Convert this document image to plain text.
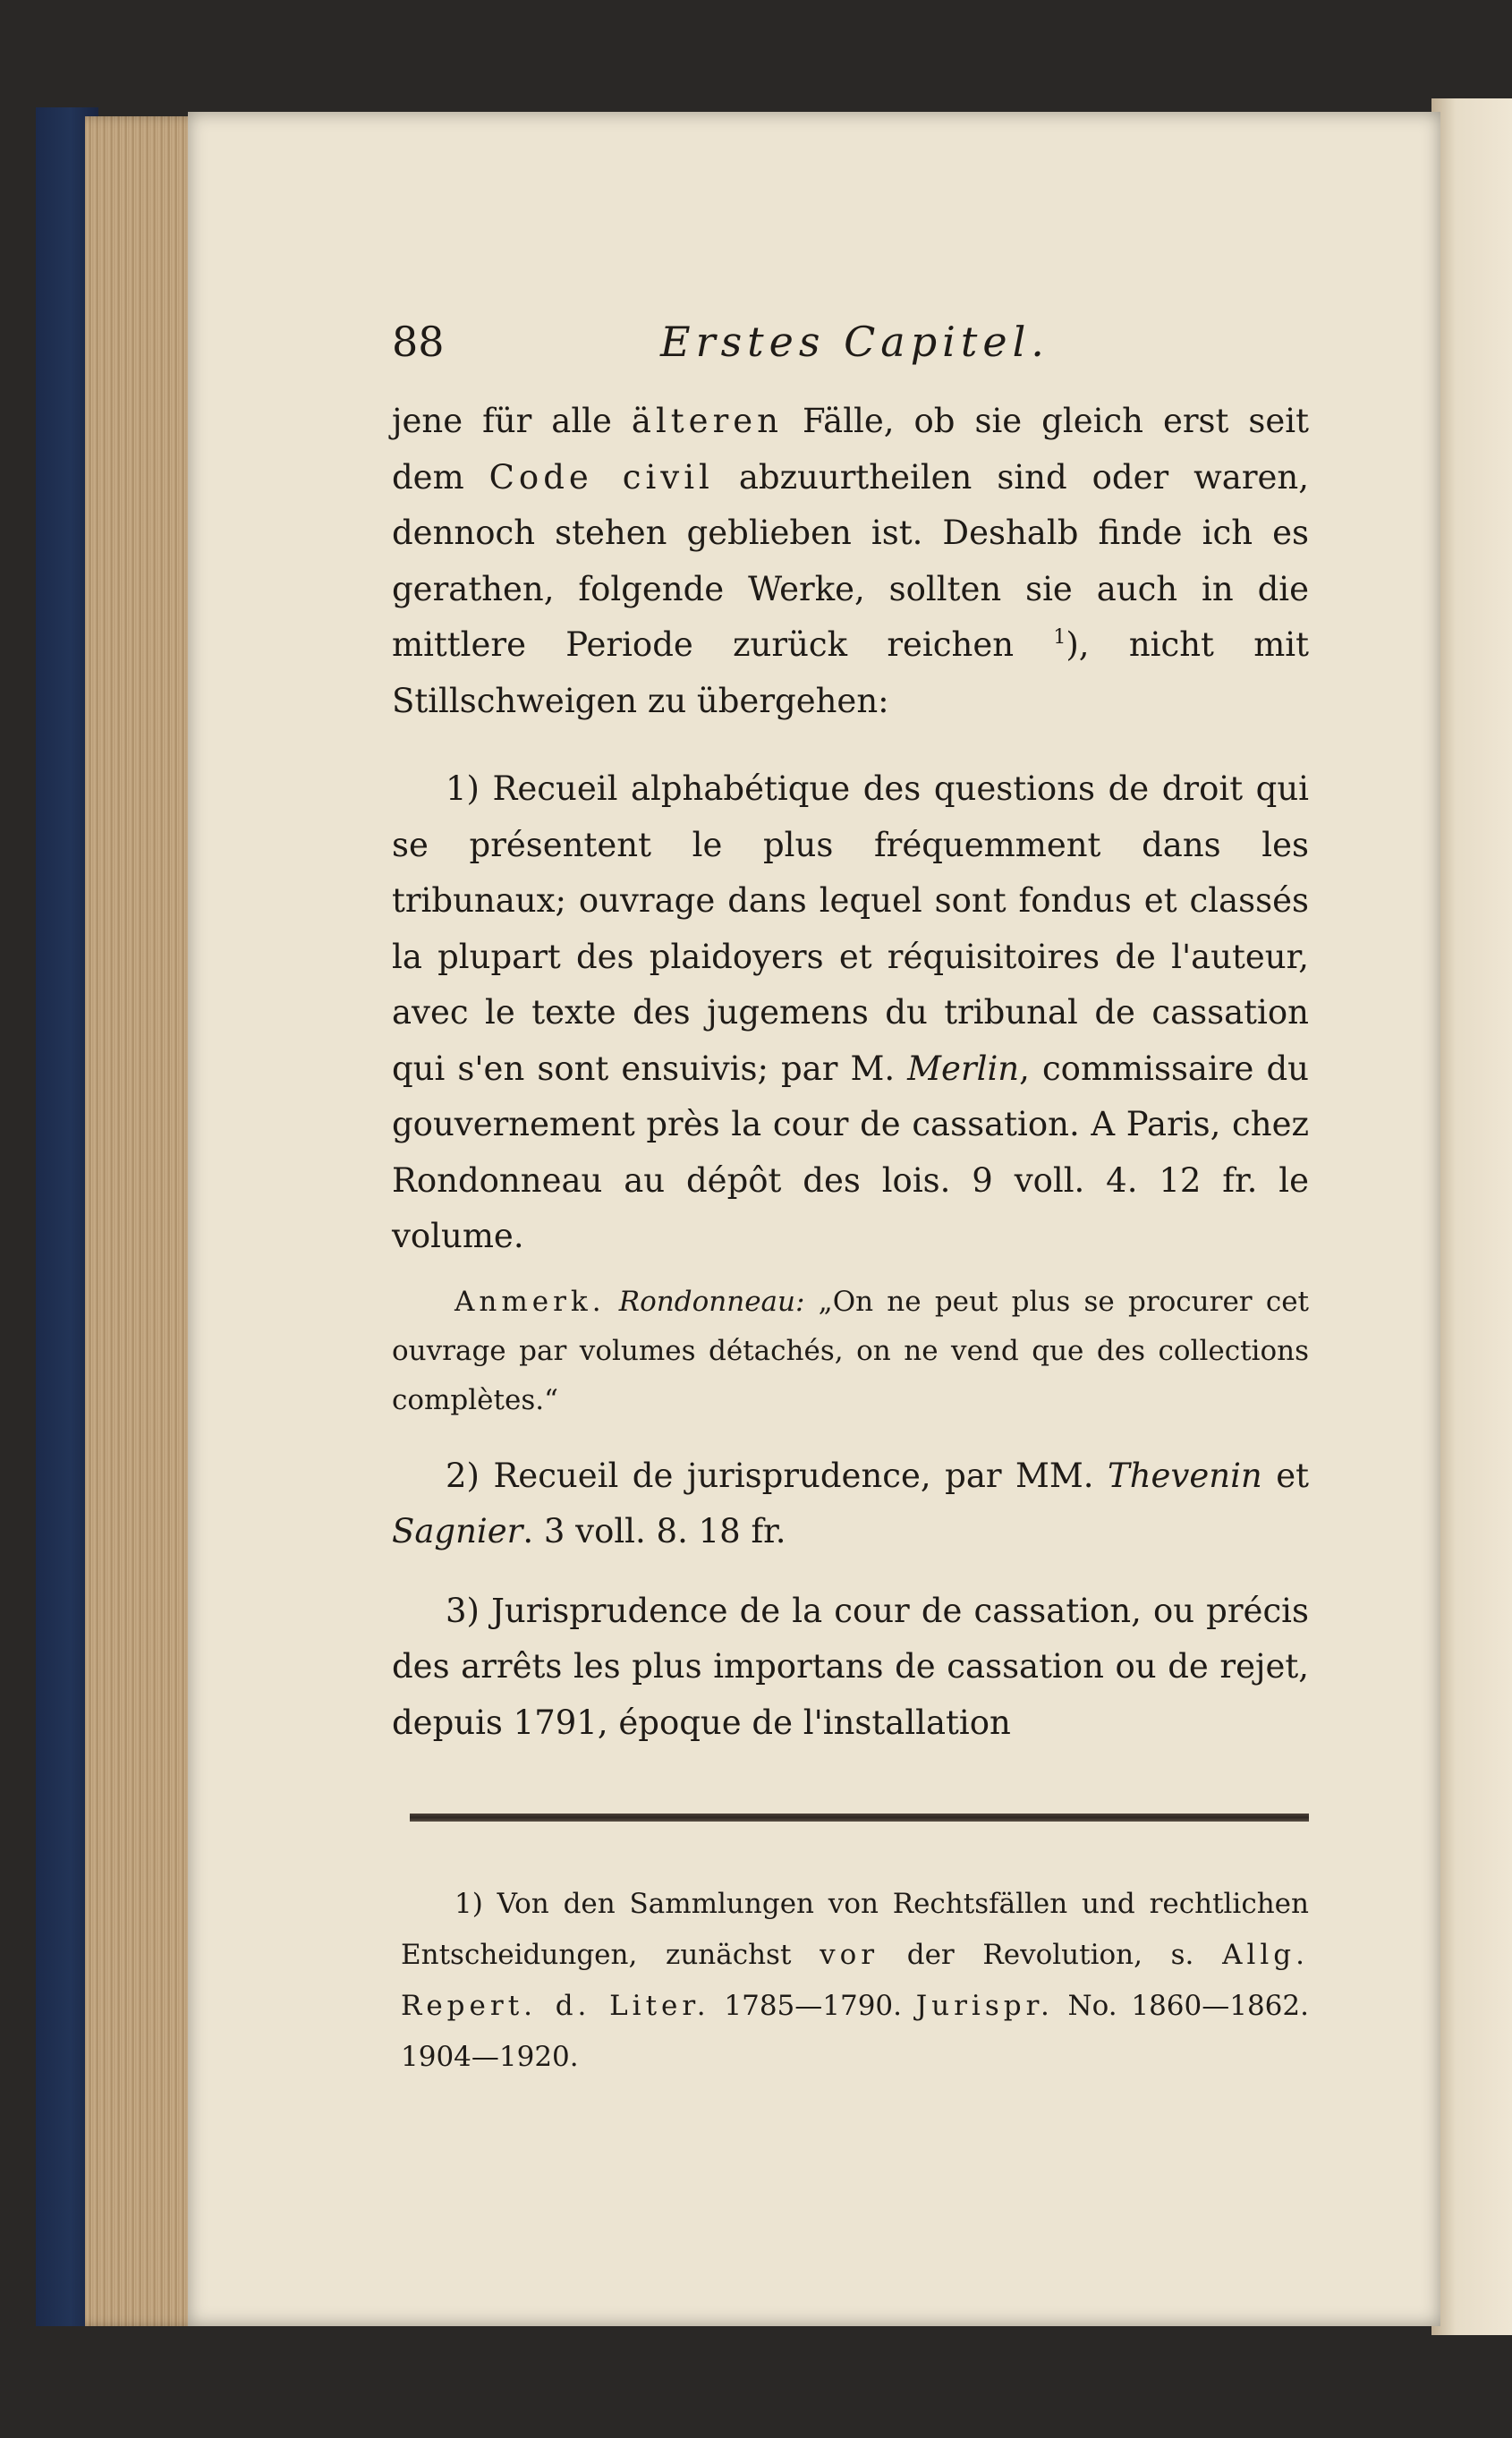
88	Erstes Capitel.

jene für alle älteren Fälle, ob sie gleich erst seit dem Code civil abzuurtheilen sind oder waren, dennoch stehen geblieben ist. Deshalb finde ich es gerathen, folgende Werke, sollten sie auch in die mittlere Periode zurück reichen $^1$), nicht mit Stillschweigen zu übergehen:

1) Recueil alphabétique des questions de droit qui se présentent le plus fréquemment dans les tribunaux; ouvrage dans lequel sont fondus et classés la plupart des plaidoyers et réquisitoires de l'auteur, avec le texte des jugemens du tribunal de cassation qui s'en sont ensuivis; par M. Merlin, commissaire du gouvernement près la cour de cassation. A Paris, chez Rondonneau au dépôt des lois. 9 voll. 4. 12 fr. le volume.

Anmerk. Rondonneau: „On ne peut plus se procurer cet ouvrage par volumes détachés, on ne vend que des collections complètes.“

2) Recueil de jurisprudence, par MM. Thevenin et Sagnier. 3 voll. 8. 18 fr.

3) Jurisprudence de la cour de cassation, ou précis des arrêts les plus importans de cassation ou de rejet, depuis 1791, époque de l'installation

1) Von den Sammlungen von Rechtsfällen und rechtlichen Entscheidungen, zunächst vor der Revolution, s. Allg. Repert. d. Liter. 1785—1790. Jurispr. No. 1860—1862. 1904—1920.
